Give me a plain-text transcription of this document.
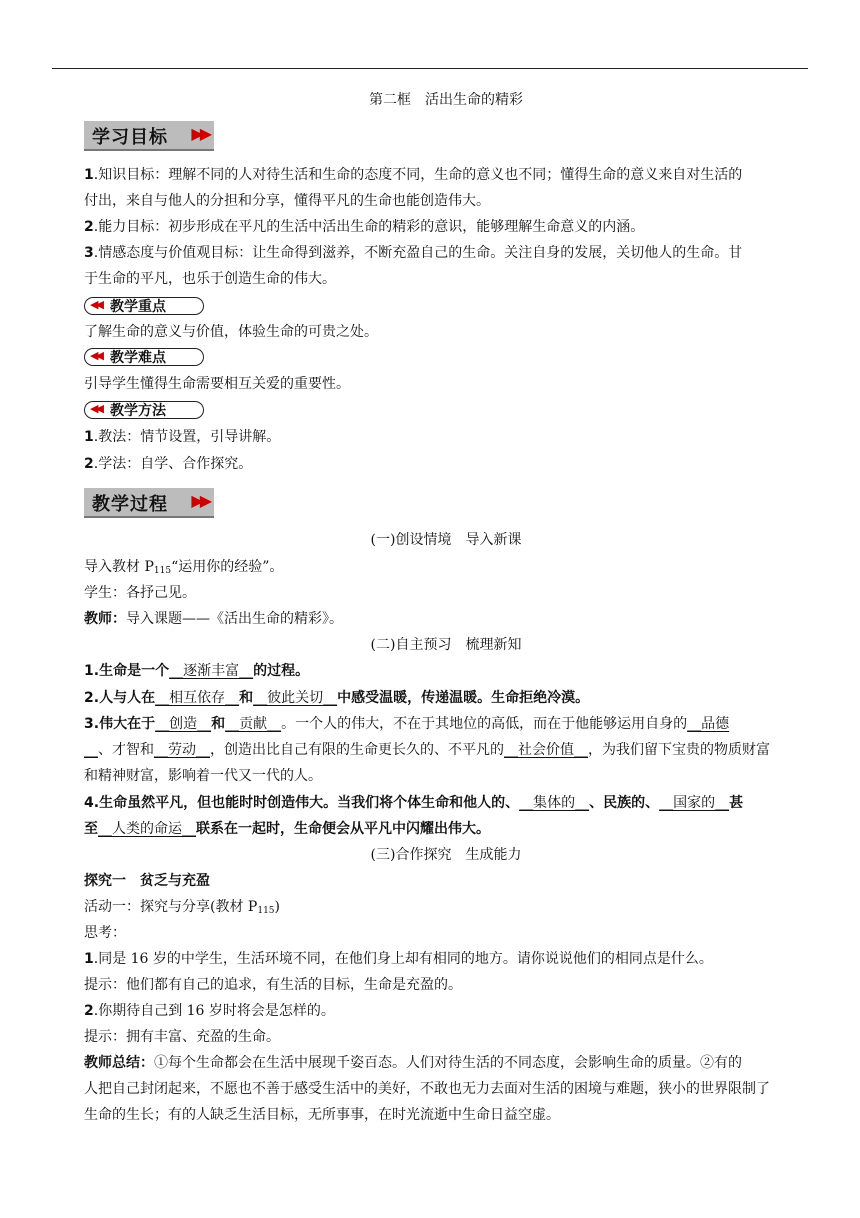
第二框　活出生命的精彩
学习目标 ▶▶
1.知识目标：理解不同的人对待生活和生命的态度不同，生命的意义也不同；懂得生命的意义来自对生活的
付出，来自与他人的分担和分享，懂得平凡的生命也能创造伟大。
2.能力目标：初步形成在平凡的生活中活出生命的精彩的意识，能够理解生命意义的内涵。
3.情感态度与价值观目标：让生命得到滋养，不断充盈自己的生命。关注自身的发展，关切他人的生命。甘
于生命的平凡，也乐于创造生命的伟大。
◀◀ 教学重点
了解生命的意义与价值，体验生命的可贵之处。
◀◀ 教学难点
引导学生懂得生命需要相互关爱的重要性。
◀◀ 教学方法
1.教法：情节设置，引导讲解。
2.学法：自学、合作探究。
教学过程 ▶▶
(一)创设情境　导入新课
导入教材 $P_{115}“$运用你的经验”。
学生：各抒己见。
教师：导入课题——《活出生命的精彩》。
(二)自主预习　梳理新知
1.生命是一个__逐渐丰富__的过程。
2.人与人在__相互依存__和__彼此关切__中感受温暖，传递温暖。生命拒绝冷漠。
3.伟大在于__创造__和__贡献__。一个人的伟大，不在于其地位的高低，而在于他能够运用自身的__品德
__、才智和__劳动__，创造出比自己有限的生命更长久的、不平凡的__社会价值__，为我们留下宝贵的物质财富
和精神财富，影响着一代又一代的人。
4.生命虽然平凡，但也能时时创造伟大。当我们将个体生命和他人的、__集体的__、民族的、__国家的__甚
至__人类的命运__联系在一起时，生命便会从平凡中闪耀出伟大。
(三)合作探究　生成能力
探究一　贫乏与充盈
活动一：探究与分享(教材 $P_{115}$)
思考：
1.同是 16 岁的中学生，生活环境不同，在他们身上却有相同的地方。请你说说他们的相同点是什么。
提示：他们都有自己的追求，有生活的目标，生命是充盈的。
2.你期待自己到 16 岁时将会是怎样的。
提示：拥有丰富、充盈的生命。
教师总结：①每个生命都会在生活中展现千姿百态。人们对待生活的不同态度，会影响生命的质量。②有的
人把自己封闭起来，不愿也不善于感受生活中的美好，不敢也无力去面对生活的困境与难题，狭小的世界限制了
生命的生长；有的人缺乏生活目标，无所事事，在时光流逝中生命日益空虚。
